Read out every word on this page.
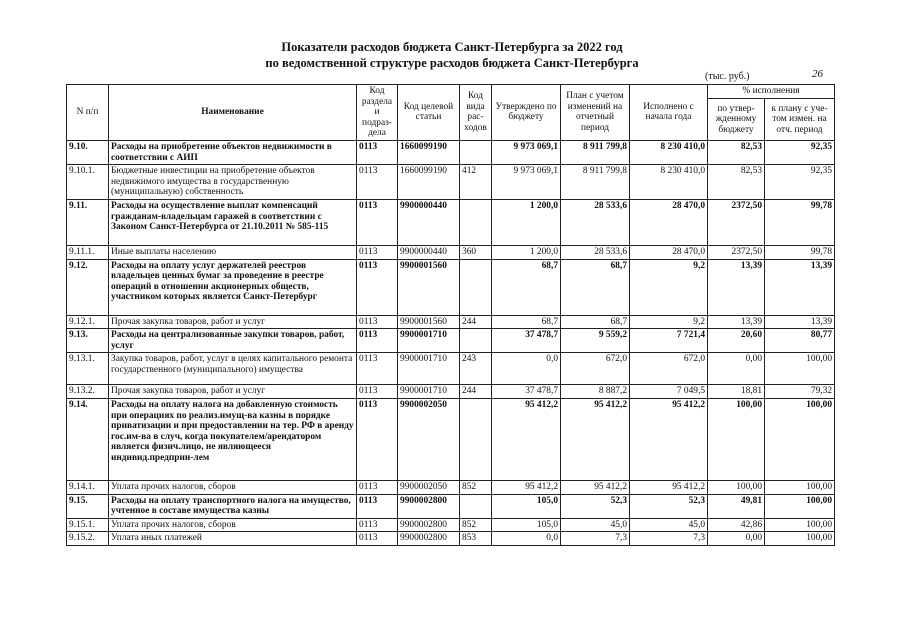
Показатели расходов бюджета Санкт-Петербурга за 2022 год
по ведомственной структуре расходов бюджета Санкт-Петербурга
(тыс. руб.)	26
N п/п	Наименование	Код раздела и подраз-дела	Код целевой статьи	Код вида рас-ходов	Утверждено по бюджету	План с учетом изменений на отчетный период	Исполнено с начала года	% исполнения	
								по утвер-жденному бюджету	к плану с уче-том измен. на отч. период
9.10.	Расходы на приобретение объектов недвижимости в соответствии с АИП	0113	1660099190		9 973 069,1	8 911 799,8	8 230 410,0	82,53	92,35
9.10.1.	Бюджетные инвестиции на приобретение объектов недвижимого имущества в государственную (муниципальную) собственность	0113	1660099190	412	9 973 069,1	8 911 799,8	8 230 410,0	82,53	92,35
9.11.	Расходы на осуществление выплат компенсаций гражданам-владельцам гаражей в соответствии с Законом Санкт-Петербурга от 21.10.2011 № 585-115	0113	9900000440		1 200,0	28 533,6	28 470,0	2372,50	99,78
9.11.1.	Иные выплаты населению	0113	9900000440	360	1 200,0	28 533,6	28 470,0	2372,50	99,78
9.12.	Расходы на оплату услуг держателей реестров владельцев ценных бумаг за проведение в реестре операций в отношении акционерных обществ, участником которых является Санкт-Петербург	0113	9900001560		68,7	68,7	9,2	13,39	13,39
9.12.1.	Прочая закупка товаров, работ и услуг	0113	9900001560	244	68,7	68,7	9,2	13,39	13,39
9.13.	Расходы на централизованные закупки товаров, работ, услуг	0113	9900001710		37 478,7	9 559,2	7 721,4	20,60	80,77
9.13.1.	Закупка товаров, работ, услуг в целях капитального ремонта государственного (муниципального) имущества	0113	9900001710	243	0,0	672,0	672,0	0,00	100,00
9.13.2.	Прочая закупка товаров, работ и услуг	0113	9900001710	244	37 478,7	8 887,2	7 049,5	18,81	79,32
9.14.	Расходы на оплату налога на добавленную стоимость при операциях по реализ.имущ-ва казны в порядке приватизации и при предоставлении на тер. РФ в аренду гос.им-ва в случ, когда покупателем/арендатором является физич.лицо, не являющееся индивид.предприн-лем	0113	9900002050		95 412,2	95 412,2	95 412,2	100,00	100,00
9.14.1.	Уплата прочих налогов, сборов	0113	9900002050	852	95 412,2	95 412,2	95 412,2	100,00	100,00
9.15.	Расходы на оплату транспортного налога на имущество, учтенное в составе имущества казны	0113	9900002800		105,0	52,3	52,3	49,81	100,00
9.15.1.	Уплата прочих налогов, сборов	0113	9900002800	852	105,0	45,0	45,0	42,86	100,00
9.15.2.	Уплата иных платежей	0113	9900002800	853	0,0	7,3	7,3	0,00	100,00
